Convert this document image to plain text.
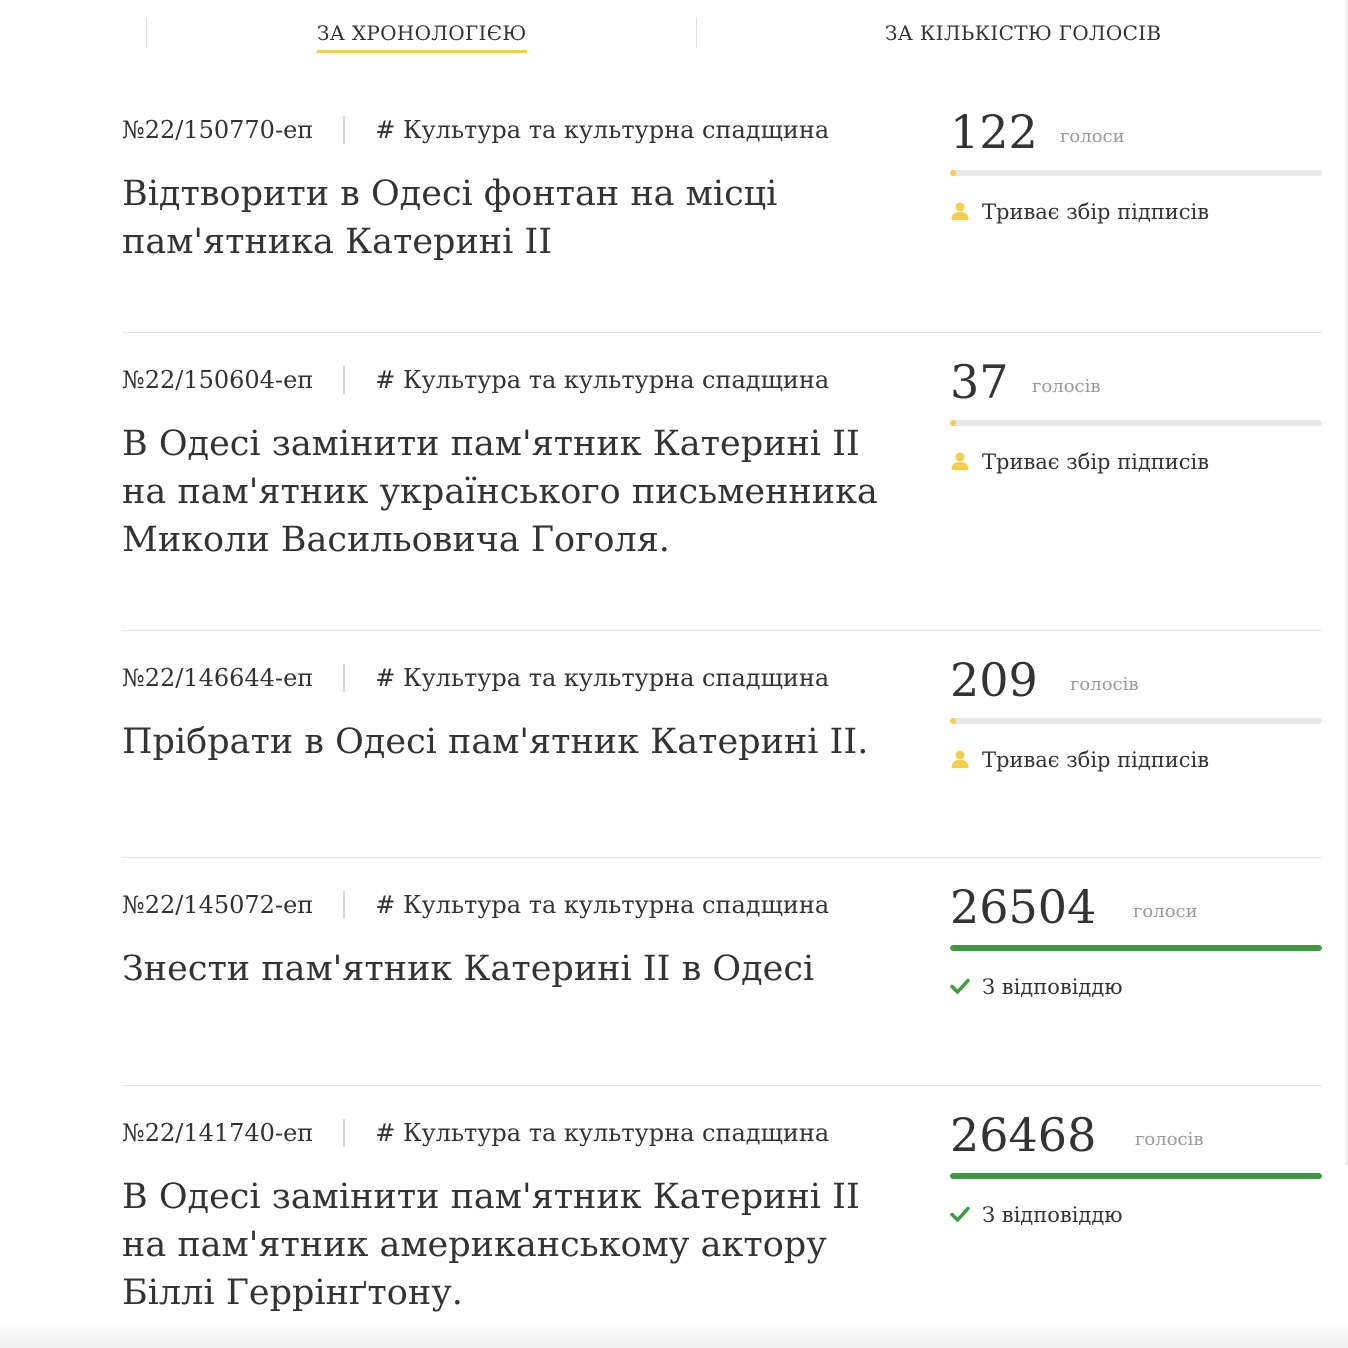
ЗА ХРОНОЛОГІЄЮ	ЗА КІЛЬКІСТЮ ГОЛОСІВ
№22/150770-еп	# Культура та культурна спадщина
Відтворити в Одесі фонтан на місці пам'ятника Катерині ІІ
122 голоси
Триває збір підписів
№22/150604-еп	# Культура та культурна спадщина
В Одесі замінити пам'ятник Катерині II на пам'ятник українського письменника Миколи Васильовича Гоголя.
37 голосів
Триває збір підписів
№22/146644-еп	# Культура та культурна спадщина
Прібрати в Одесі пам'ятник Катерині ІІ.
209 голосів
Триває збір підписів
№22/145072-еп	# Культура та культурна спадщина
Знести пам'ятник Катерині II в Одесі
26504 голоси
З відповіддю
№22/141740-еп	# Культура та культурна спадщина
В Одесі замінити пам'ятник Катерині II на пам'ятник американському актору Біллі Геррінґтону.
26468 голосів
З відповіддю
